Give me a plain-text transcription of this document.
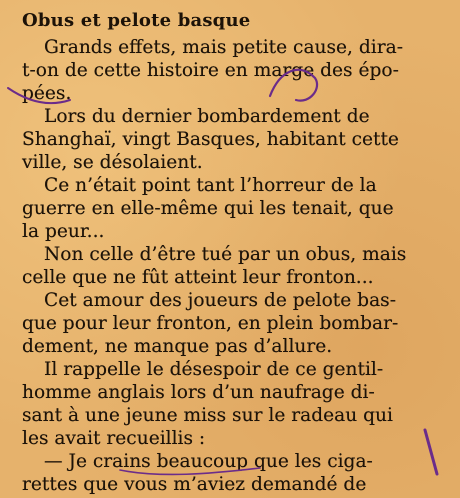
Obus et pelote basque
Grands effets, mais petite cause, dira-
t-on de cette histoire en marge des épo-
pées.
Lors du dernier bombardement de
Shanghaï, vingt Basques, habitant cette
ville, se désolaient.
Ce n’était point tant l’horreur de la
guerre en elle-même qui les tenait, que
la peur...
Non celle d’être tué par un obus, mais
celle que ne fût atteint leur fronton...
Cet amour des joueurs de pelote bas-
que pour leur fronton, en plein bombar-
dement, ne manque pas d’allure.
Il rappelle le désespoir de ce gentil-
homme anglais lors d’un naufrage di-
sant à une jeune miss sur le radeau qui
les avait recueillis :
— Je crains beaucoup que les ciga-
rettes que vous m’aviez demandé de
